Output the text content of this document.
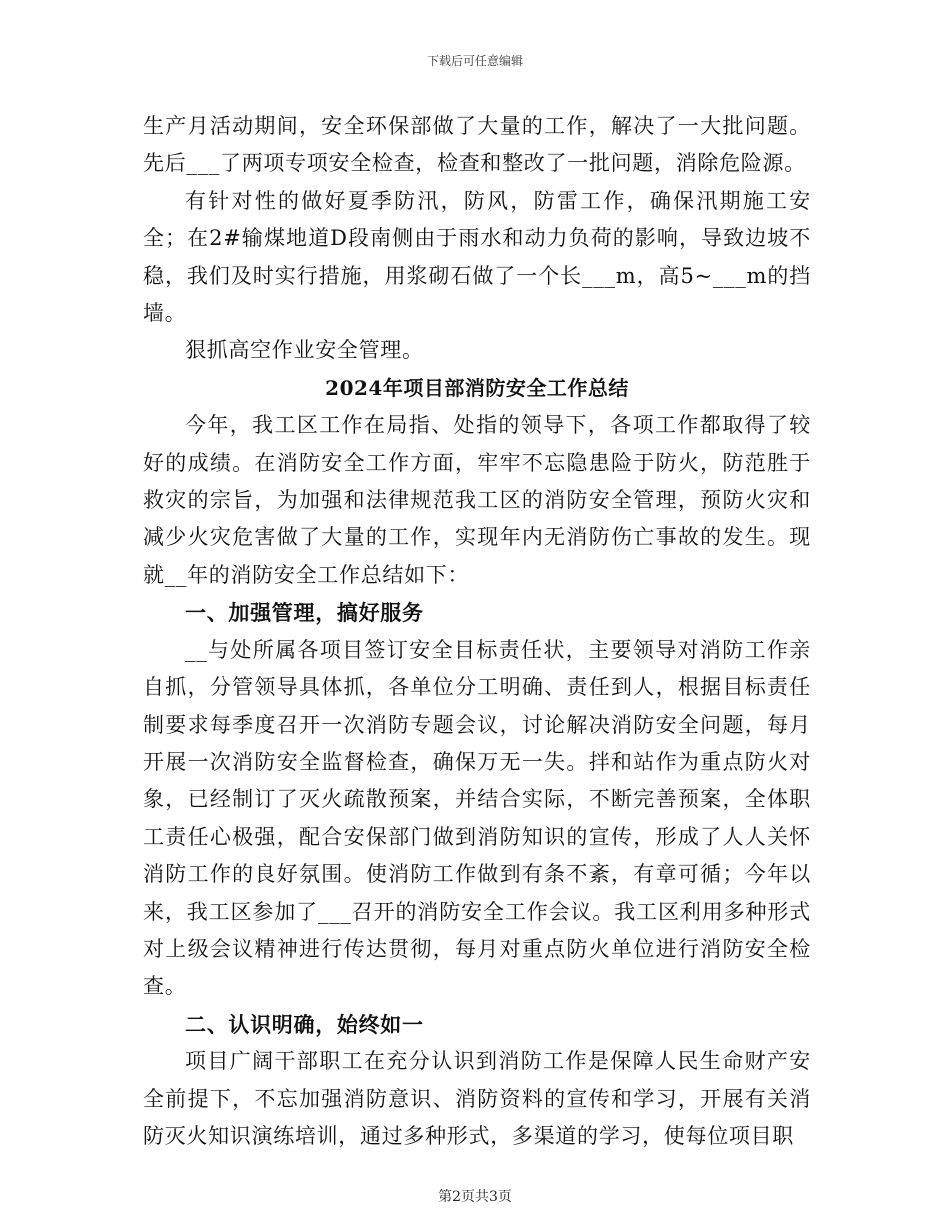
下载后可任意编辑

生产月活动期间，安全环保部做了大量的工作，解决了一大批问题。先后___了两项专项安全检查，检查和整改了一批问题，消除危险源。

有针对性的做好夏季防汛，防风，防雷工作，确保汛期施工安全；在2#输煤地道D段南侧由于雨水和动力负荷的影响，导致边坡不稳，我们及时实行措施，用浆砌石做了一个长___m，高5~___m的挡墙。

狠抓高空作业安全管理。

2024年项目部消防安全工作总结

今年，我工区工作在局指、处指的领导下，各项工作都取得了较好的成绩。在消防安全工作方面，牢牢不忘隐患险于防火，防范胜于救灾的宗旨，为加强和法律规范我工区的消防安全管理，预防火灾和减少火灾危害做了大量的工作，实现年内无消防伤亡事故的发生。现就__年的消防安全工作总结如下：

一、加强管理，搞好服务

__与处所属各项目签订安全目标责任状，主要领导对消防工作亲自抓，分管领导具体抓，各单位分工明确、责任到人，根据目标责任制要求每季度召开一次消防专题会议，讨论解决消防安全问题，每月开展一次消防安全监督检查，确保万无一失。拌和站作为重点防火对象，已经制订了灭火疏散预案，并结合实际，不断完善预案，全体职工责任心极强，配合安保部门做到消防知识的宣传，形成了人人关怀消防工作的良好氛围。使消防工作做到有条不紊，有章可循；今年以来，我工区参加了___召开的消防安全工作会议。我工区利用多种形式对上级会议精神进行传达贯彻，每月对重点防火单位进行消防安全检查。

二、认识明确，始终如一

项目广阔干部职工在充分认识到消防工作是保障人民生命财产安全前提下，不忘加强消防意识、消防资料的宣传和学习，开展有关消防灭火知识演练培训，通过多种形式，多渠道的学习，使每位项目职

第2页共3页
